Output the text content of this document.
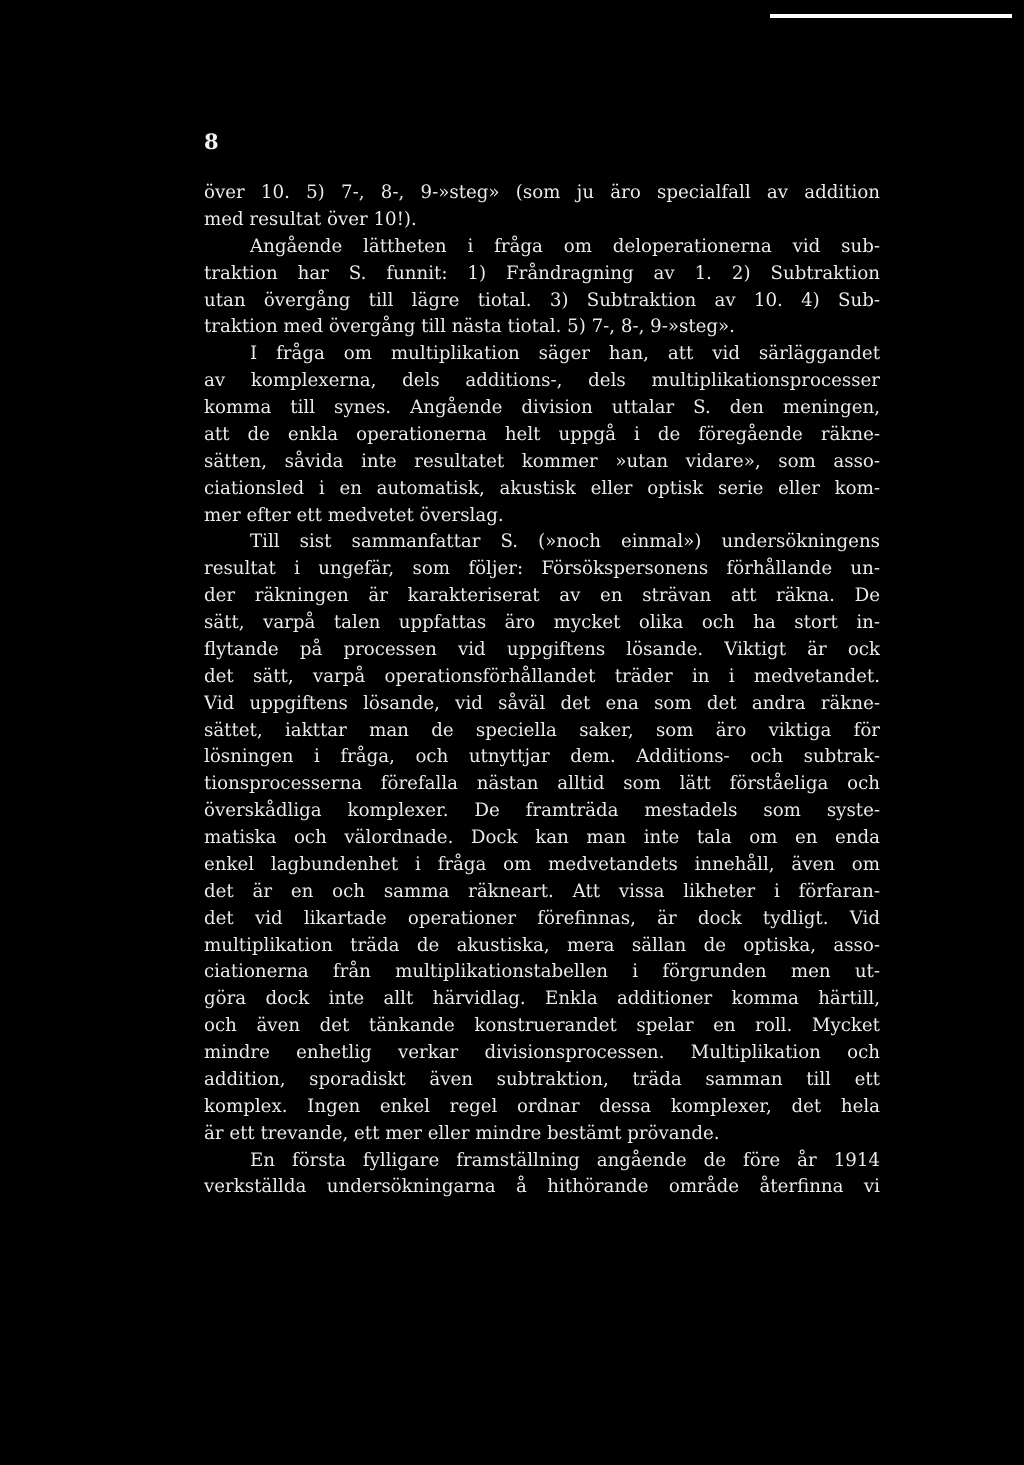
8
över 10. 5) 7-, 8-, 9-»steg» (som ju äro specialfall av addition
med resultat över 10!).
Angående lättheten i fråga om deloperationerna vid sub-
traktion har S. funnit: 1) Fråndragning av 1. 2) Subtraktion
utan övergång till lägre tiotal. 3) Subtraktion av 10. 4) Sub-
traktion med övergång till nästa tiotal. 5) 7-, 8-, 9-»steg».
I fråga om multiplikation säger han, att vid särläggandet
av komplexerna, dels additions-, dels multiplikationsprocesser
komma till synes. Angående division uttalar S. den meningen,
att de enkla operationerna helt uppgå i de föregående räkne-
sätten, såvida inte resultatet kommer »utan vidare», som asso-
ciationsled i en automatisk, akustisk eller optisk serie eller kom-
mer efter ett medvetet överslag.
Till sist sammanfattar S. (»noch einmal») undersökningens
resultat i ungefär, som följer: Försökspersonens förhållande un-
der räkningen är karakteriserat av en strävan att räkna. De
sätt, varpå talen uppfattas äro mycket olika och ha stort in-
flytande på processen vid uppgiftens lösande. Viktigt är ock
det sätt, varpå operationsförhållandet träder in i medvetandet.
Vid uppgiftens lösande, vid såväl det ena som det andra räkne-
sättet, iakttar man de speciella saker, som äro viktiga för
lösningen i fråga, och utnyttjar dem. Additions- och subtrak-
tionsprocesserna förefalla nästan alltid som lätt förståeliga och
överskådliga komplexer. De framträda mestadels som syste-
matiska och välordnade. Dock kan man inte tala om en enda
enkel lagbundenhet i fråga om medvetandets innehåll, även om
det är en och samma räkneart. Att vissa likheter i förfaran-
det vid likartade operationer förefinnas, är dock tydligt. Vid
multiplikation träda de akustiska, mera sällan de optiska, asso-
ciationerna från multiplikationstabellen i förgrunden men ut-
göra dock inte allt härvidlag. Enkla additioner komma härtill,
och även det tänkande konstruerandet spelar en roll. Mycket
mindre enhetlig verkar divisionsprocessen. Multiplikation och
addition, sporadiskt även subtraktion, träda samman till ett
komplex. Ingen enkel regel ordnar dessa komplexer, det hela
är ett trevande, ett mer eller mindre bestämt prövande.
En första fylligare framställning angående de före år 1914
verkställda undersökningarna å hithörande område återfinna vi
